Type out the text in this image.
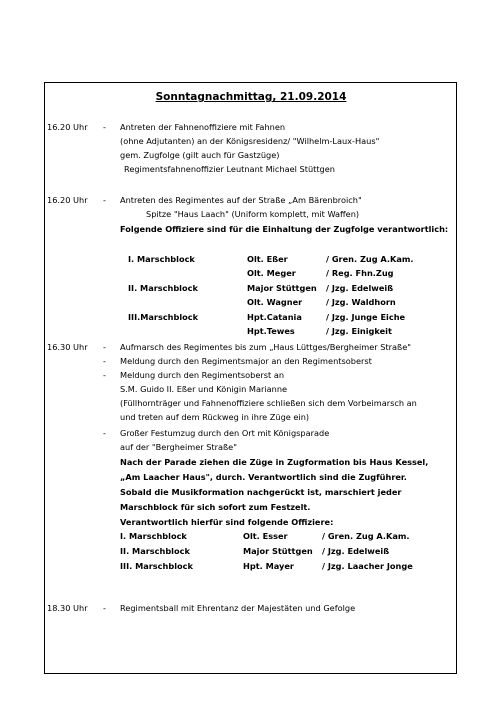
Sonntagnachmittag, 21.09.2014
16.20 Uhr - Antreten der Fahnenoffiziere mit Fahnen
(ohne Adjutanten) an der Königsresidenz/ "Wilhelm-Laux-Haus"
gem. Zugfolge (gilt auch für Gastzüge)
Regimentsfahnenoffizier Leutnant Michael Stüttgen
16.20 Uhr - Antreten des Regimentes auf der Straße „Am Bärenbroich"
Spitze "Haus Laach" (Uniform komplett, mit Waffen)
Folgende Offiziere sind für die Einhaltung der Zugfolge verantwortlich:
I. Marschblock	Olt. Eßer	/ Gren. Zug A.Kam.
Olt. Meger	/ Reg. Fhn.Zug
II. Marschblock	Major Stüttgen / Jzg. Edelweiß
Olt. Wagner	/ Jzg. Waldhorn
III.Marschblock	Hpt.Catania	/ Jzg. Junge Eiche
Hpt.Tewes	/ Jzg. Einigkeit
16.30 Uhr - Aufmarsch des Regimentes bis zum „Haus Lüttges/Bergheimer Straße"
- Meldung durch den Regimentsmajor an den Regimentsoberst
- Meldung durch den Regimentsoberst an
S.M. Guido II. Eßer und Königin Marianne
(Füllhornträger und Fahnenoffiziere schließen sich dem Vorbeimarsch an
und treten auf dem Rückweg in ihre Züge ein)
- Großer Festumzug durch den Ort mit Königsparade
auf der "Bergheimer Straße"
Nach der Parade ziehen die Züge in Zugformation bis Haus Kessel,
„Am Laacher Haus", durch. Verantwortlich sind die Zugführer.
Sobald die Musikformation nachgerückt ist, marschiert jeder
Marschblock für sich sofort zum Festzelt.
Verantwortlich hierfür sind folgende Offiziere:
I. Marschblock	Olt. Esser	/ Gren. Zug A.Kam.
II. Marschblock	Major Stüttgen / Jzg. Edelweiß
III. Marschblock	Hpt. Mayer	/ Jzg. Laacher Jonge
18.30 Uhr - Regimentsball mit Ehrentanz der Majestäten und Gefolge
